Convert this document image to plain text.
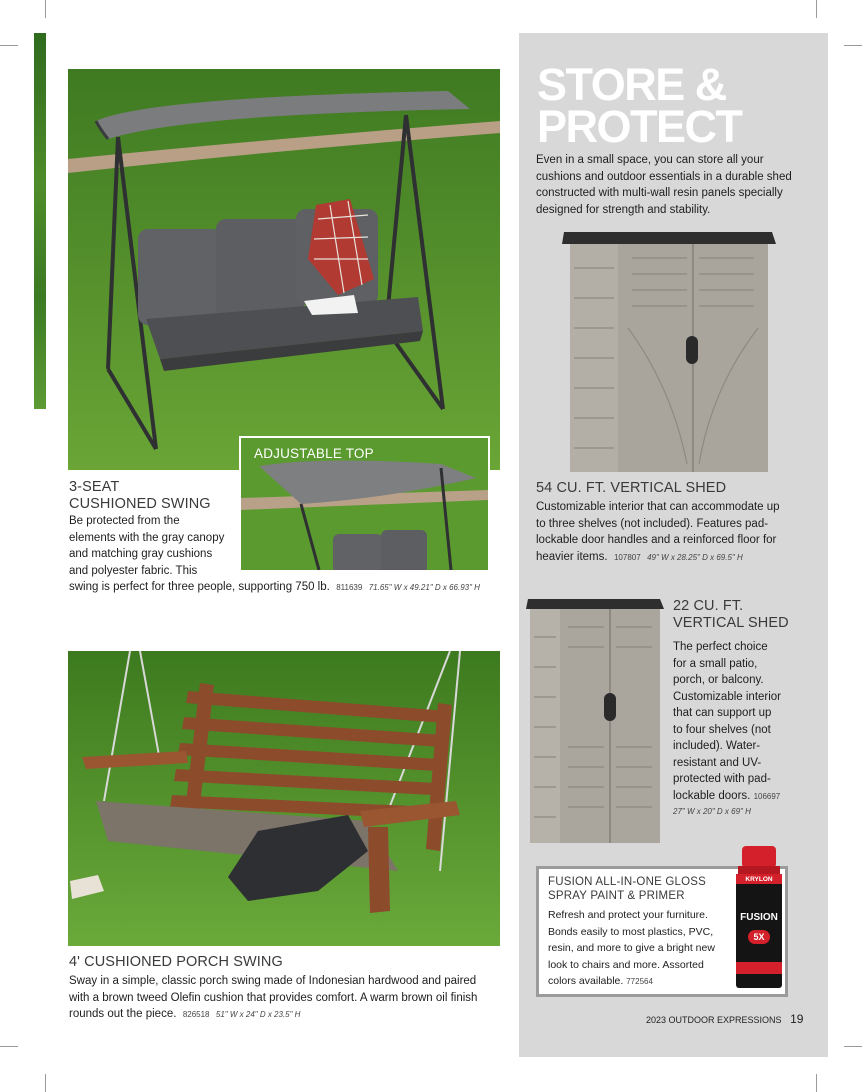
ADJUSTABLE TOP
3-SEAT
CUSHIONED SWING
Be protected from the
elements with the gray canopy
and matching gray cushions
and polyester fabric. This
swing is perfect for three people, supporting 750 lb. 811639 71.65" W x 49.21" D x 66.93" H
4' CUSHIONED PORCH SWING
Sway in a simple, classic porch swing made of Indonesian hardwood and paired
with a brown tweed Olefin cushion that provides comfort. A warm brown oil finish
rounds out the piece. 826518 51" W x 24" D x 23.5" H
STORE &
PROTECT
Even in a small space, you can store all your cushions and outdoor essentials in a durable shed constructed with multi-wall resin panels specially designed for strength and stability.
54 CU. FT. VERTICAL SHED
Customizable interior that can accommodate up
to three shelves (not included). Features pad-
lockable door handles and a reinforced floor for
heavier items. 107807 49" W x 28.25" D x 69.5" H
22 CU. FT.
VERTICAL SHED
The perfect choice
for a small patio,
porch, or balcony.
Customizable interior
that can support up
to four shelves (not
included). Water-
resistant and UV-
protected with pad-
lockable doors. 106697
27" W x 20" D x 69" H
FUSION ALL-IN-ONE GLOSS
SPRAY PAINT & PRIMER
Refresh and protect your furniture.
Bonds easily to most plastics, PVC,
resin, and more to give a bright new
look to chairs and more. Assorted
colors available. 772564
KRYLON
FUSION
5X
2023 OUTDOOR EXPRESSIONS 19
